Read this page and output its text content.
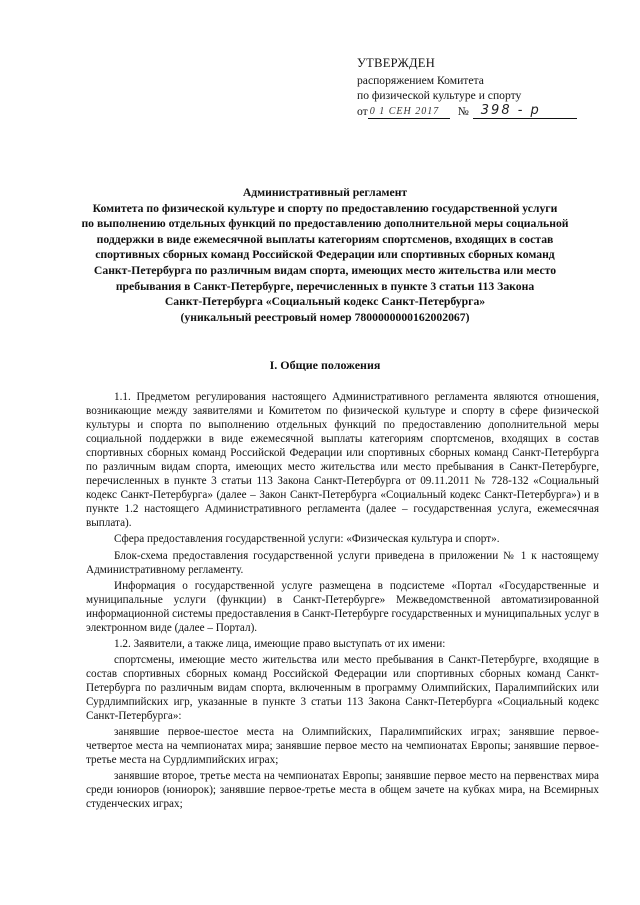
УТВЕРЖДЕН
распоряжением Комитета
по физической культуре и спорту
от 0 1 СЕН 2017	№ 398 - р
Административный регламент
Комитета по физической культуре и спорту по предоставлению государственной услуги
по выполнению отдельных функций по предоставлению дополнительной меры социальной
поддержки в виде ежемесячной выплаты категориям спортсменов, входящих в состав
спортивных сборных команд Российской Федерации или спортивных сборных команд
Санкт-Петербурга по различным видам спорта, имеющих место жительства или место
пребывания в Санкт-Петербурге, перечисленных в пункте 3 статьи 113 Закона
Санкт-Петербурга «Социальный кодекс Санкт-Петербурга»
(уникальный реестровый номер 7800000000162002067)
I. Общие положения

1.1. Предметом регулирования настоящего Административного регламента являются отношения, возникающие между заявителями и Комитетом по физической культуре и спорту в сфере физической культуры и спорта по выполнению отдельных функций по предоставлению дополнительной меры социальной поддержки в виде ежемесячной выплаты категориям спортсменов, входящих в состав спортивных сборных команд Российской Федерации или спортивных сборных команд Санкт-Петербурга по различным видам спорта, имеющих место жительства или место пребывания в Санкт-Петербурге, перечисленных в пункте 3 статьи 113 Закона Санкт-Петербурга от 09.11.2011 № 728-132 «Социальный кодекс Санкт-Петербурга» (далее – Закон Санкт-Петербурга «Социальный кодекс Санкт-Петербурга») и в пункте 1.2 настоящего Административного регламента (далее – государственная услуга, ежемесячная выплата).

Сфера предоставления государственной услуги: «Физическая культура и спорт».

Блок-схема предоставления государственной услуги приведена в приложении № 1 к настоящему Административному регламенту.

Информация о государственной услуге размещена в подсистеме «Портал «Государственные и муниципальные услуги (функции) в Санкт-Петербурге» Межведомственной автоматизированной информационной системы предоставления в Санкт-Петербурге государственных и муниципальных услуг в электронном виде (далее – Портал).

1.2. Заявители, а также лица, имеющие право выступать от их имени:

спортсмены, имеющие место жительства или место пребывания в Санкт-Петербурге, входящие в состав спортивных сборных команд Российской Федерации или спортивных сборных команд Санкт-Петербурга по различным видам спорта, включенным в программу Олимпийских, Паралимпийских или Сурдлимпийских игр, указанные в пункте 3 статьи 113 Закона Санкт-Петербурга «Социальный кодекс Санкт-Петербурга»:

занявшие первое-шестое места на Олимпийских, Паралимпийских играх; занявшие первое-четвертое места на чемпионатах мира; занявшие первое место на чемпионатах Европы; занявшие первое-третье места на Сурдлимпийских играх;

занявшие второе, третье места на чемпионатах Европы; занявшие первое место на первенствах мира среди юниоров (юниорок); занявшие первое-третье места в общем зачете на кубках мира, на Всемирных студенческих играх;
